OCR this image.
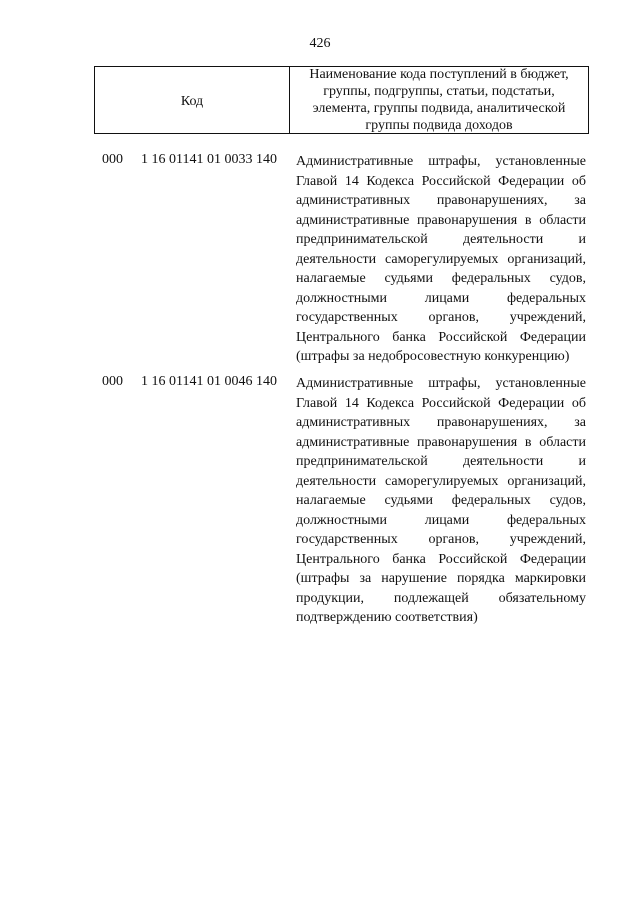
426
Код
Наименование кода поступлений в бюджет,
группы, подгруппы, статьи, подстатьи,
элемента, группы подвида, аналитической
группы подвида доходов
000 1 16 01141 01 0033 140 Административные штрафы, установленные
Главой 14 Кодекса Российской Федерации об
административных правонарушениях, за
административные правонарушения в области
предпринимательской деятельности и
деятельности саморегулируемых организаций,
налагаемые судьями федеральных судов,
должностными лицами федеральных
государственных органов, учреждений,
Центрального банка Российской Федерации
(штрафы за недобросовестную конкуренцию)
000 1 16 01141 01 0046 140 Административные штрафы, установленные
Главой 14 Кодекса Российской Федерации об
административных правонарушениях, за
административные правонарушения в области
предпринимательской деятельности и
деятельности саморегулируемых организаций,
налагаемые судьями федеральных судов,
должностными лицами федеральных
государственных органов, учреждений,
Центрального банка Российской Федерации
(штрафы за нарушение порядка маркировки
продукции, подлежащей обязательному
подтверждению соответствия)
